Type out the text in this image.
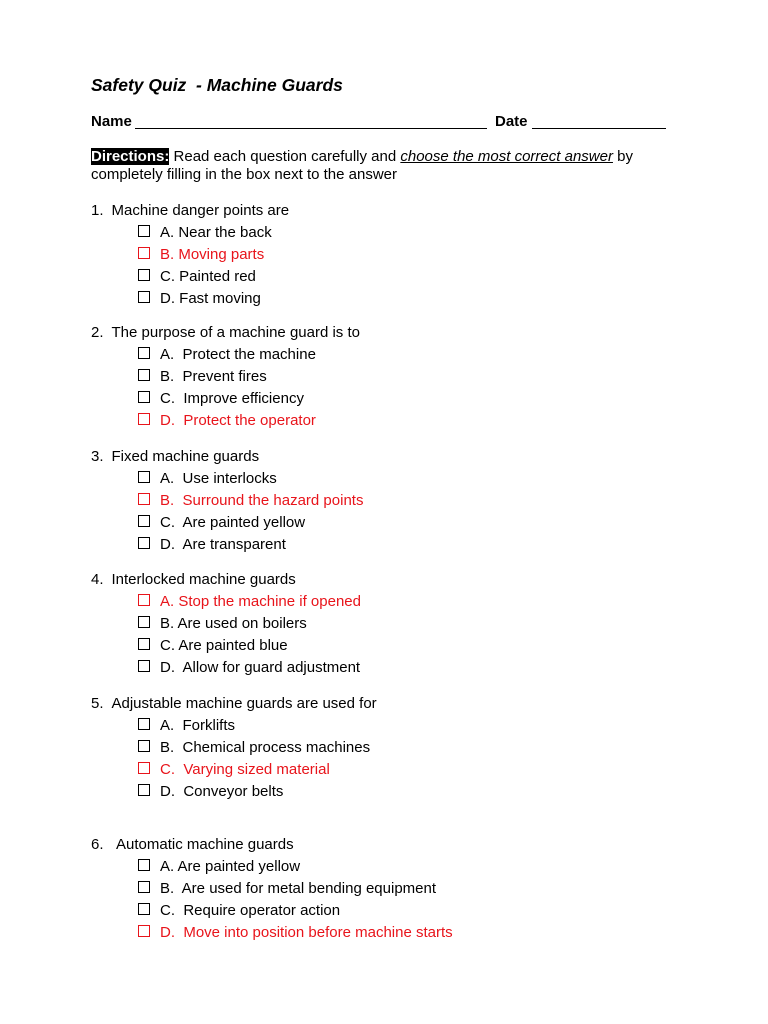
Safety Quiz  - Machine Guards
Name	Date
Directions: Read each question carefully and choose the most correct answer by
completely filling in the box next to the answer
1. Machine danger points are
A. Near the back
B. Moving parts
C. Painted red
D. Fast moving
2. The purpose of a machine guard is to
A.  Protect the machine
B.  Prevent fires
C.  Improve efficiency
D.  Protect the operator
3. Fixed machine guards
A.  Use interlocks
B.  Surround the hazard points
C.  Are painted yellow
D.  Are transparent
4. Interlocked machine guards
A. Stop the machine if opened
B. Are used on boilers
C. Are painted blue
D.  Allow for guard adjustment
5. Adjustable machine guards are used for
A.  Forklifts
B.  Chemical process machines
C.  Varying sized material
D.  Conveyor belts
6. Automatic machine guards
A. Are painted yellow
B.  Are used for metal bending equipment
C.  Require operator action
D.  Move into position before machine starts
